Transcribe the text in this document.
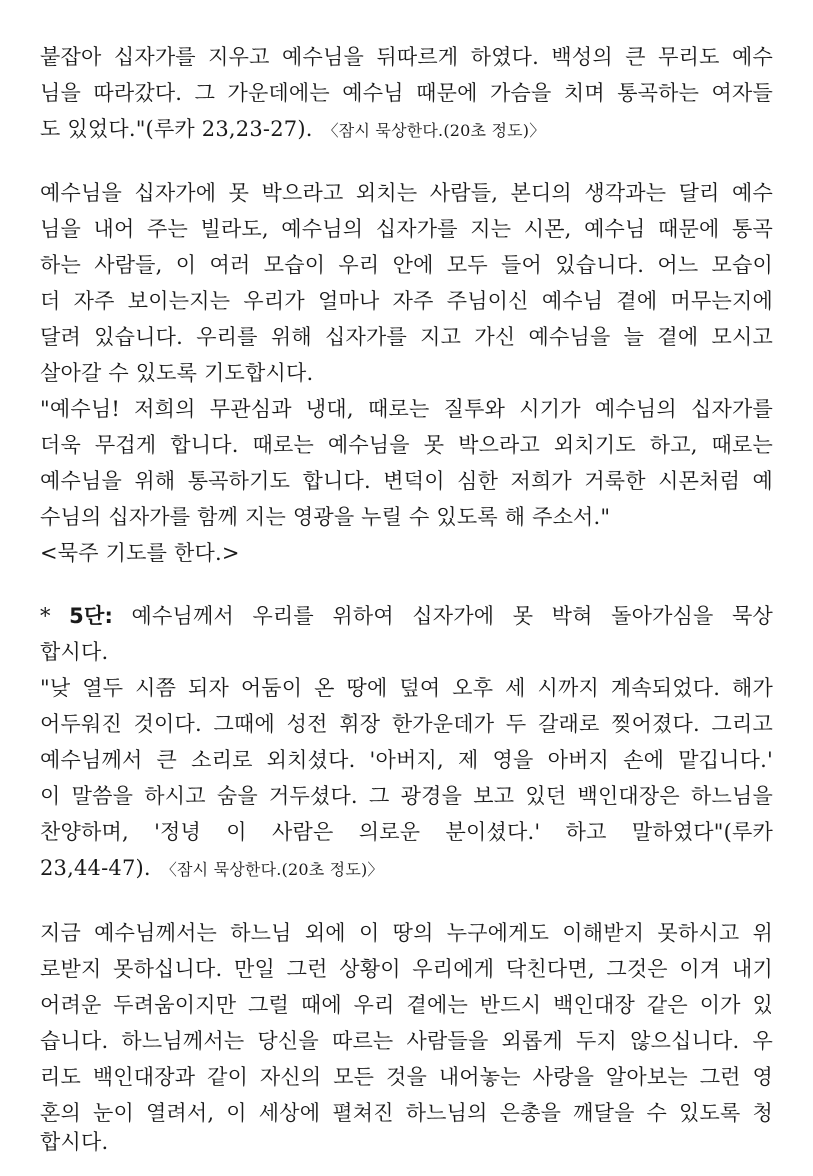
붙잡아 십자가를 지우고 예수님을 뒤따르게 하였다. 백성의 큰 무리도 예수
님을 따라갔다. 그 가운데에는 예수님 때문에 가슴을 치며 통곡하는 여자들
도 있었다."(루카 23,23-27). 〈잠시 묵상한다.(20초 정도)〉
예수님을 십자가에 못 박으라고 외치는 사람들, 본디의 생각과는 달리 예수
님을 내어 주는 빌라도, 예수님의 십자가를 지는 시몬, 예수님 때문에 통곡
하는 사람들, 이 여러 모습이 우리 안에 모두 들어 있습니다. 어느 모습이
더 자주 보이는지는 우리가 얼마나 자주 주님이신 예수님 곁에 머무는지에
달려 있습니다. 우리를 위해 십자가를 지고 가신 예수님을 늘 곁에 모시고
살아갈 수 있도록 기도합시다.
"예수님! 저희의 무관심과 냉대, 때로는 질투와 시기가 예수님의 십자가를
더욱 무겁게 합니다. 때로는 예수님을 못 박으라고 외치기도 하고, 때로는
예수님을 위해 통곡하기도 합니다. 변덕이 심한 저희가 거룩한 시몬처럼 예
수님의 십자가를 함께 지는 영광을 누릴 수 있도록 해 주소서."
<묵주 기도를 한다.>
* 5단: 예수님께서 우리를 위하여 십자가에 못 박혀 돌아가심을 묵상
합시다.
"낮 열두 시쯤 되자 어둠이 온 땅에 덮여 오후 세 시까지 계속되었다. 해가
어두워진 것이다. 그때에 성전 휘장 한가운데가 두 갈래로 찢어졌다. 그리고
예수님께서 큰 소리로 외치셨다. '아버지, 제 영을 아버지 손에 맡깁니다.'
이 말씀을 하시고 숨을 거두셨다. 그 광경을 보고 있던 백인대장은 하느님을
찬양하며, '정녕 이 사람은 의로운 분이셨다.' 하고 말하였다"(루카
23,44-47). 〈잠시 묵상한다.(20초 정도)〉
지금 예수님께서는 하느님 외에 이 땅의 누구에게도 이해받지 못하시고 위
로받지 못하십니다. 만일 그런 상황이 우리에게 닥친다면, 그것은 이겨 내기
어려운 두려움이지만 그럴 때에 우리 곁에는 반드시 백인대장 같은 이가 있
습니다. 하느님께서는 당신을 따르는 사람들을 외롭게 두지 않으십니다. 우
리도 백인대장과 같이 자신의 모든 것을 내어놓는 사랑을 알아보는 그런 영
혼의 눈이 열려서, 이 세상에 펼쳐진 하느님의 은총을 깨달을 수 있도록 청
합시다.
